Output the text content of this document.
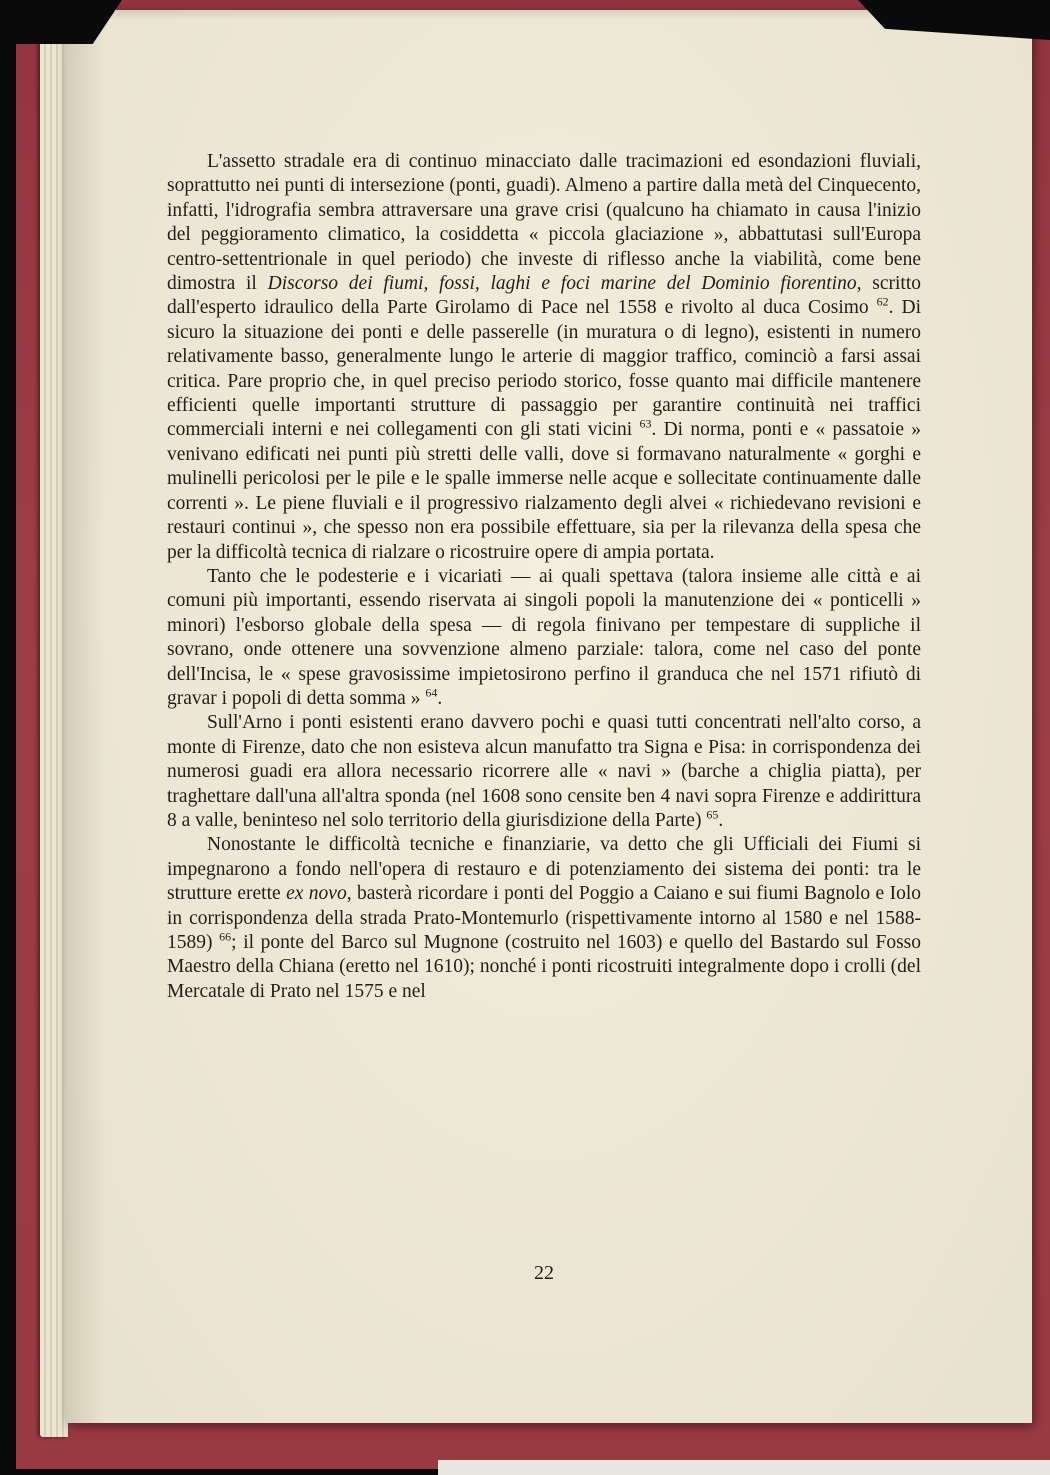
L'assetto stradale era di continuo minacciato dalle tracimazioni ed esondazioni fluviali, soprattutto nei punti di intersezione (ponti, guadi). Almeno a partire dalla metà del Cinquecento, infatti, l'idrografia sembra attraversare una grave crisi (qualcuno ha chiamato in causa l'inizio del peggioramento climatico, la cosiddetta « piccola glaciazione », abbattutasi sull'Europa centro-settentrionale in quel periodo) che investe di riflesso anche la viabilità, come bene dimostra il Discorso dei fiumi, fossi, laghi e foci marine del Dominio fiorentino, scritto dall'esperto idraulico della Parte Girolamo di Pace nel 1558 e rivolto al duca Cosimo $^{62}$. Di sicuro la situazione dei ponti e delle passerelle (in muratura o di legno), esistenti in numero relativamente basso, generalmente lungo le arterie di maggior traffico, cominciò a farsi assai critica. Pare proprio che, in quel preciso periodo storico, fosse quanto mai difficile mantenere efficienti quelle importanti strutture di passaggio per garantire continuità nei traffici commerciali interni e nei collegamenti con gli stati vicini $^{63}$. Di norma, ponti e « passatoie » venivano edificati nei punti più stretti delle valli, dove si formavano naturalmente « gorghi e mulinelli pericolosi per le pile e le spalle immerse nelle acque e sollecitate continuamente dalle correnti ». Le piene fluviali e il progressivo rialzamento degli alvei « richiedevano revisioni e restauri continui », che spesso non era possibile effettuare, sia per la rilevanza della spesa che per la difficoltà tecnica di rialzare o ricostruire opere di ampia portata.

Tanto che le podesterie e i vicariati — ai quali spettava (talora insieme alle città e ai comuni più importanti, essendo riservata ai singoli popoli la manutenzione dei « ponticelli » minori) l'esborso globale della spesa — di regola finivano per tempestare di suppliche il sovrano, onde ottenere una sovvenzione almeno parziale: talora, come nel caso del ponte dell'Incisa, le « spese gravosissime impietosirono perfino il granduca che nel 1571 rifiutò di gravar i popoli di detta somma » $^{64}$.

Sull'Arno i ponti esistenti erano davvero pochi e quasi tutti concentrati nell'alto corso, a monte di Firenze, dato che non esisteva alcun manufatto tra Signa e Pisa: in corrispondenza dei numerosi guadi era allora necessario ricorrere alle « navi » (barche a chiglia piatta), per traghettare dall'una all'altra sponda (nel 1608 sono censite ben 4 navi sopra Firenze e addirittura 8 a valle, beninteso nel solo territorio della giurisdizione della Parte) $^{65}$.

Nonostante le difficoltà tecniche e finanziarie, va detto che gli Ufficiali dei Fiumi si impegnarono a fondo nell'opera di restauro e di potenziamento dei sistema dei ponti: tra le strutture erette ex novo, basterà ricordare i ponti del Poggio a Caiano e sui fiumi Bagnolo e Iolo in corrispondenza della strada Prato-Montemurlo (rispettivamente intorno al 1580 e nel 1588-1589) $^{66}$; il ponte del Barco sul Mugnone (costruito nel 1603) e quello del Bastardo sul Fosso Maestro della Chiana (eretto nel 1610); nonché i ponti ricostruiti integralmente dopo i crolli (del Mercatale di Prato nel 1575 e nel

22
